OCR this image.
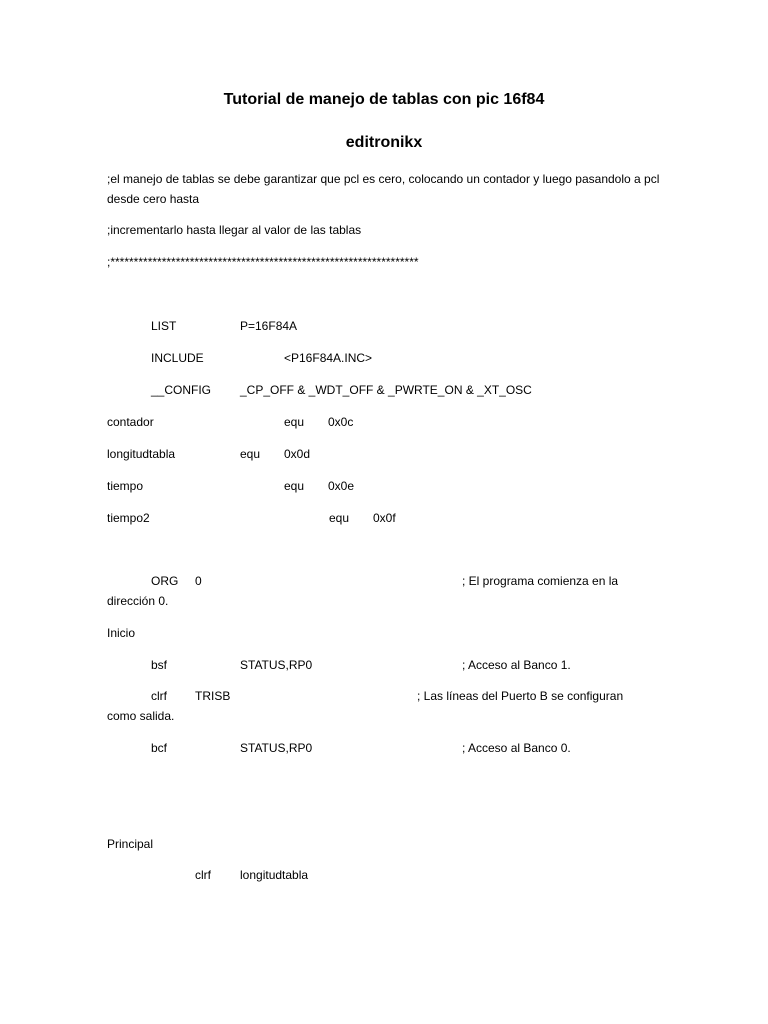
Tutorial de manejo de tablas con pic 16f84
editronikx
;el manejo de tablas se debe garantizar que pcl es cero, colocando un contador y luego pasandolo a pcl desde cero hasta
;incrementarlo hasta llegar al valor de las tablas
;******************************************************************
LIST	P=16F84A
INCLUDE	<P16F84A.INC>
__CONFIG _CP_OFF & _WDT_OFF & _PWRTE_ON & _XT_OSC
contador	equ 0x0c
longitudtabla	equ 0x0d
tiempo	equ 0x0e
tiempo2	equ 0x0f
ORG 0	; El programa comienza en la
dirección 0.
Inicio
bsf	STATUS,RP0	; Acceso al Banco 1.
clrf TRISB	; Las líneas del Puerto B se configuran
como salida.
bcf	STATUS,RP0	; Acceso al Banco 0.
Principal
clrf longitudtabla
